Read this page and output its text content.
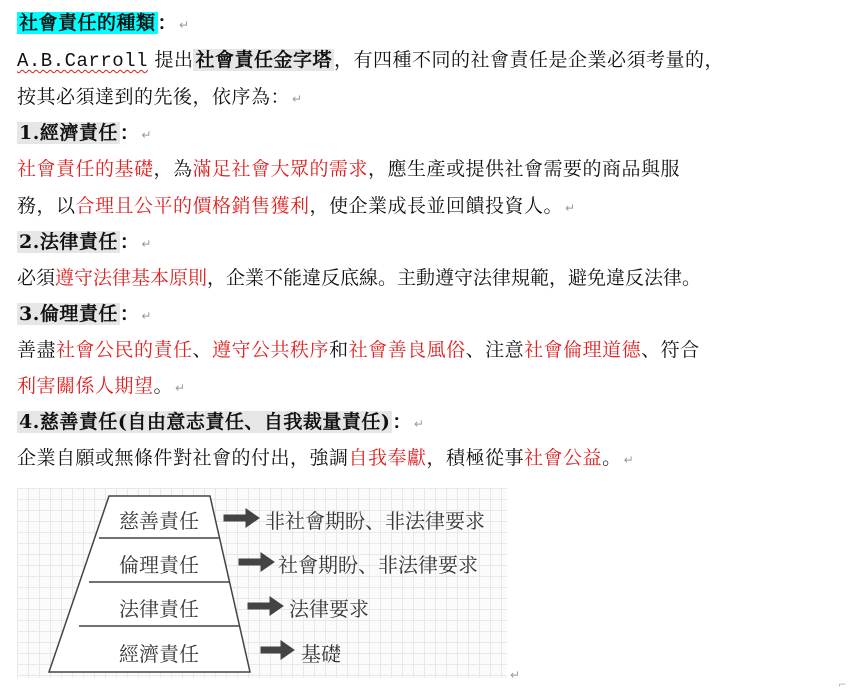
社會責任的種類 ： ↵
A.B.Carroll 提出 社會責任金字塔 ，有四種不同的社會責任是企業必須考量的，
按其必須達到的先後，依序為： ↵
1.經濟責任 ： ↵
社會責任的基礎，為滿足社會大眾的需求，應生產或提供社會需要的商品與服
務，以合理且公平的價格銷售獲利，使企業成長並回饋投資人。 ↵
2.法律責任 ： ↵
必須遵守法律基本原則，企業不能違反底線。主動遵守法律規範，避免違反法律。
3.倫理責任 ： ↵
善盡社會公民的責任、遵守公共秩序和社會善良風俗、注意社會倫理道德、符合
利害關係人期望。 ↵
4.慈善責任(自由意志責任、自我裁量責任) ： ↵
企業自願或無條件對社會的付出，強調自我奉獻，積極從事社會公益。 ↵
慈善責任
倫理責任
法律責任
經濟責任
非社會期盼、非法律要求
社會期盼、非法律要求
法律要求
基礎
↵
⌐
